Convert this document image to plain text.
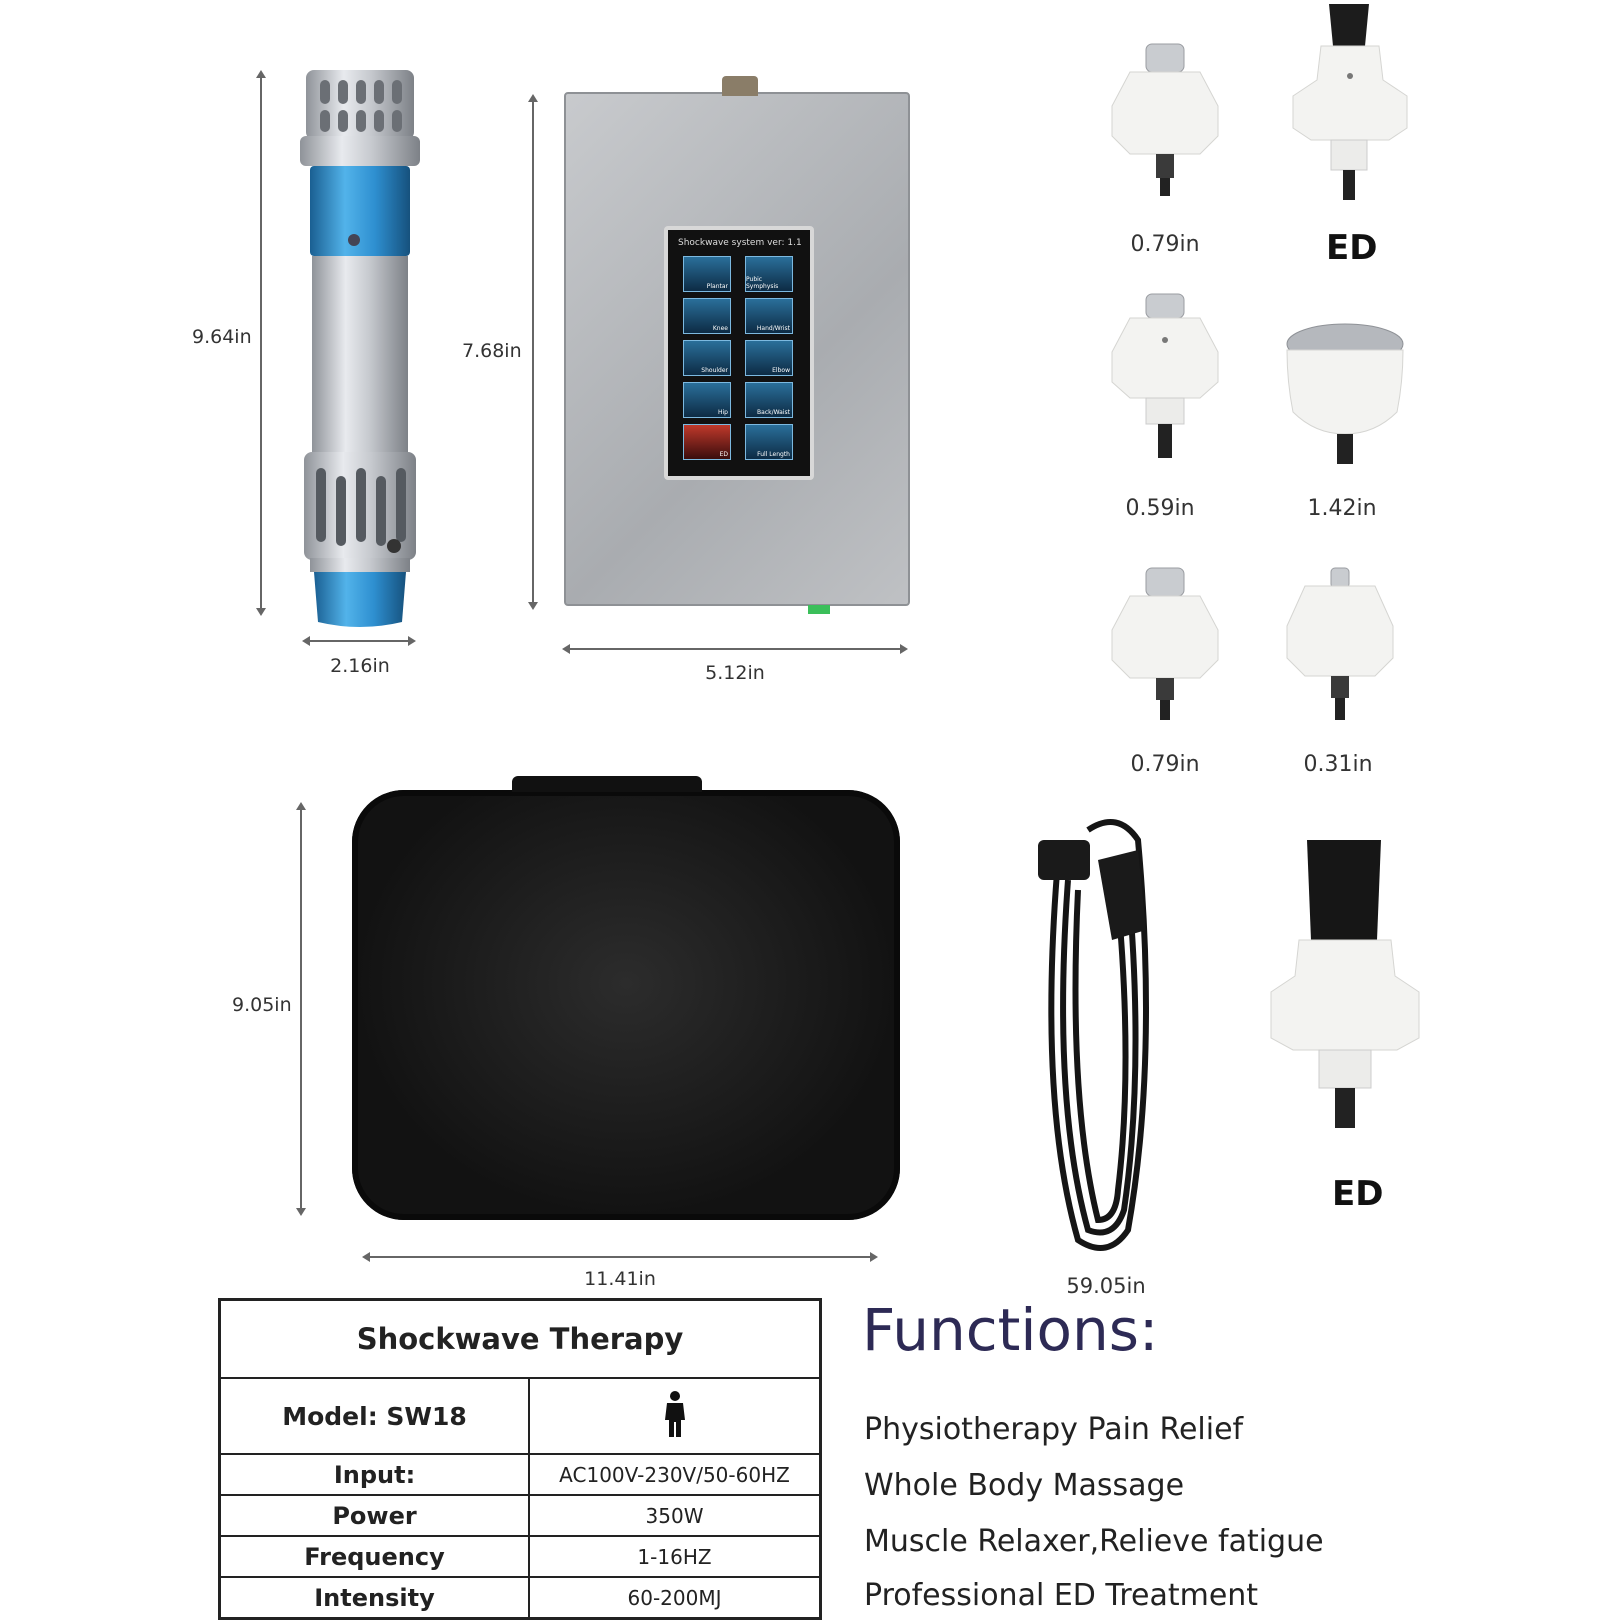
9.64in
2.16in
7.68in
Shockwave system ver: 1.1
Plantar
Pubic Symphysis
Knee	Hand/Wrist
Shoulder	Elbow
Hip	Back/Waist
ED	Full Length
5.12in
0.79in	ED
0.59in	1.42in
0.79in	0.31in
ED
9.05in
11.41in	59.05in
Shockwave Therapy	
Model: SW18	
Input:	AC100V-230V/50-60HZ
Power	350W
Frequency	1-16HZ
Intensity	60-200MJ
Functions:
Physiotherapy Pain Relief
Whole Body Massage
Muscle Relaxer,Relieve fatigue
Professional ED Treatment
